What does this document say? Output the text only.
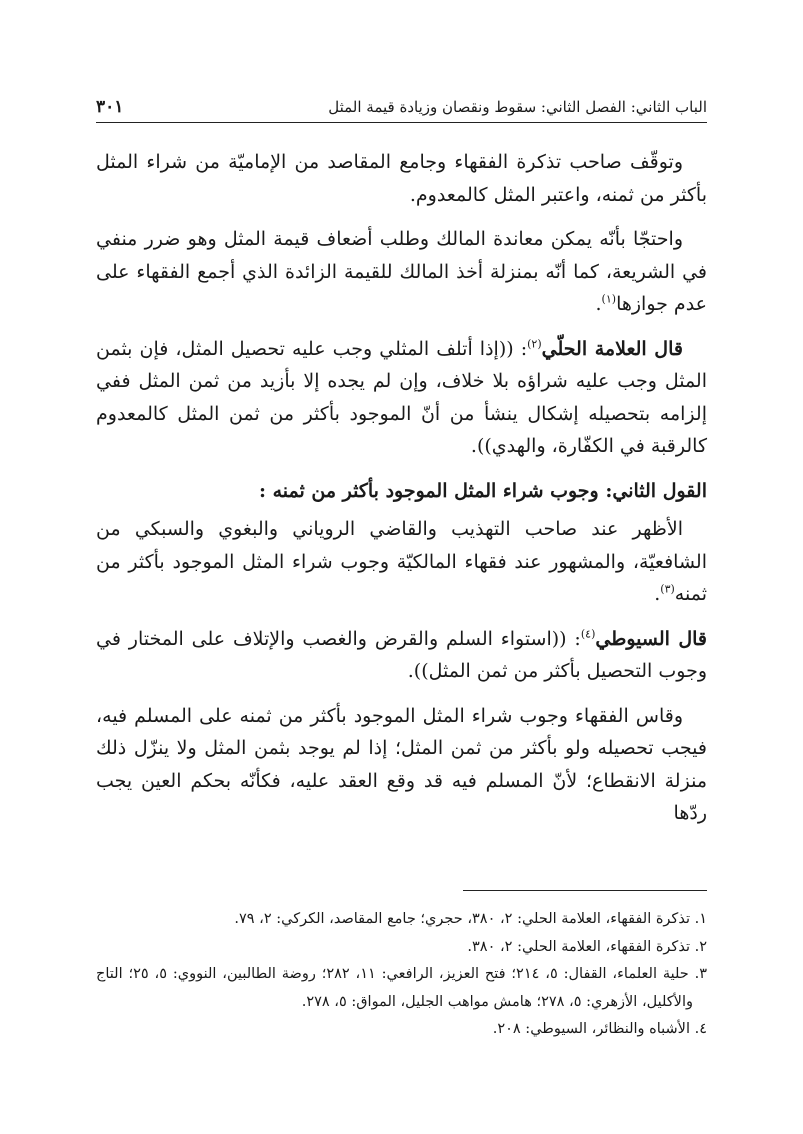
الباب الثاني: الفصل الثاني: سقوط ونقصان وزيادة قيمة المثل
٣٠١

وتوقّف صاحب تذكرة الفقهاء وجامع المقاصد من الإماميّة من شراء المثل بأكثر من ثمنه، واعتبر المثل كالمعدوم.

واحتجّا بأنّه يمكن معاندة المالك وطلب أضعاف قيمة المثل وهو ضرر منفي في الشريعة، كما أنّه بمنزلة أخذ المالك للقيمة الزائدة الذي أجمع الفقهاء على عدم جوازها$^{(١)}$.

قال العلامة الحلّي$^{(٢)}$: ((إذا أتلف المثلي وجب عليه تحصيل المثل، فإن بثمن المثل وجب عليه شراؤه بلا خلاف، وإن لم يجده إلا بأزيد من ثمن المثل ففي إلزامه بتحصيله إشكال ينشأ من أنّ الموجود بأكثر من ثمن المثل كالمعدوم كالرقبة في الكفّارة، والهدي)).

القول الثاني: وجوب شراء المثل الموجود بأكثر من ثمنه :

الأظهر عند صاحب التهذيب والقاضي الروياني والبغوي والسبكي من الشافعيّة، والمشهور عند فقهاء المالكيّة وجوب شراء المثل الموجود بأكثر من ثمنه$^{(٣)}$.

قال السيوطي$^{(٤)}$: ((استواء السلم والقرض والغصب والإتلاف على المختار في وجوب التحصيل بأكثر من ثمن المثل)).

وقاس الفقهاء وجوب شراء المثل الموجود بأكثر من ثمنه على المسلم فيه، فيجب تحصيله ولو بأكثر من ثمن المثل؛ إذا لم يوجد بثمن المثل ولا ينزّل ذلك منزلة الانقطاع؛ لأنّ المسلم فيه قد وقع العقد عليه، فكأنّه بحكم العين يجب ردّها

١. تذكرة الفقهاء، العلامة الحلي: ٢، ٣٨٠، حجري؛ جامع المقاصد، الكركي: ٢، ٧٩.

٢. تذكرة الفقهاء، العلامة الحلي: ٢، ٣٨٠.

٣. حلية العلماء، القفال: ٥، ٢١٤؛ فتح العزيز، الرافعي: ١١، ٢٨٢؛ روضة الطالبين، النووي: ٥، ٢٥؛ التاج والأكليل، الأزهري: ٥، ٢٧٨؛ هامش مواهب الجليل، المواق: ٥، ٢٧٨.

٤. الأشباه والنظائر، السيوطي: ٢٠٨.
